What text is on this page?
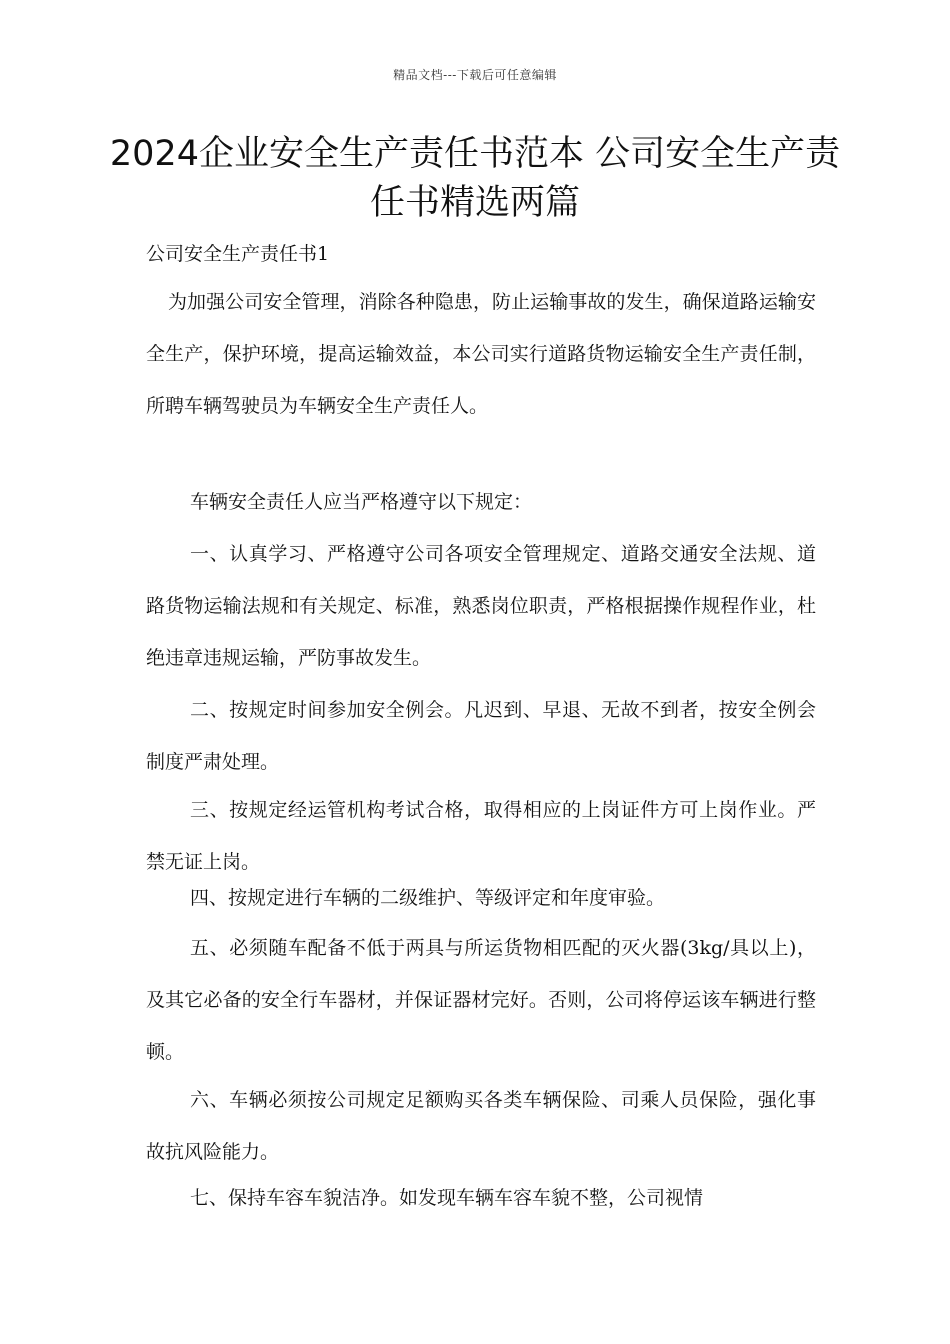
精品文档---下载后可任意编辑
2024企业安全生产责任书范本 公司安全生产责任书精选两篇

公司安全生产责任书1

为加强公司安全管理，消除各种隐患，防止运输事故的发生，确保道路运输安全生产，保护环境，提高运输效益，本公司实行道路货物运输安全生产责任制，所聘车辆驾驶员为车辆安全生产责任人。

车辆安全责任人应当严格遵守以下规定：

一、认真学习、严格遵守公司各项安全管理规定、道路交通安全法规、道路货物运输法规和有关规定、标准，熟悉岗位职责，严格根据操作规程作业，杜绝违章违规运输，严防事故发生。

二、按规定时间参加安全例会。凡迟到、早退、无故不到者，按安全例会制度严肃处理。

三、按规定经运管机构考试合格，取得相应的上岗证件方可上岗作业。严禁无证上岗。

四、按规定进行车辆的二级维护、等级评定和年度审验。

五、必须随车配备不低于两具与所运货物相匹配的灭火器(3kg/具以上)，及其它必备的安全行车器材，并保证器材完好。否则，公司将停运该车辆进行整顿。

六、车辆必须按公司规定足额购买各类车辆保险、司乘人员保险，强化事故抗风险能力。

七、保持车容车貌洁净。如发现车辆车容车貌不整，公司视情
